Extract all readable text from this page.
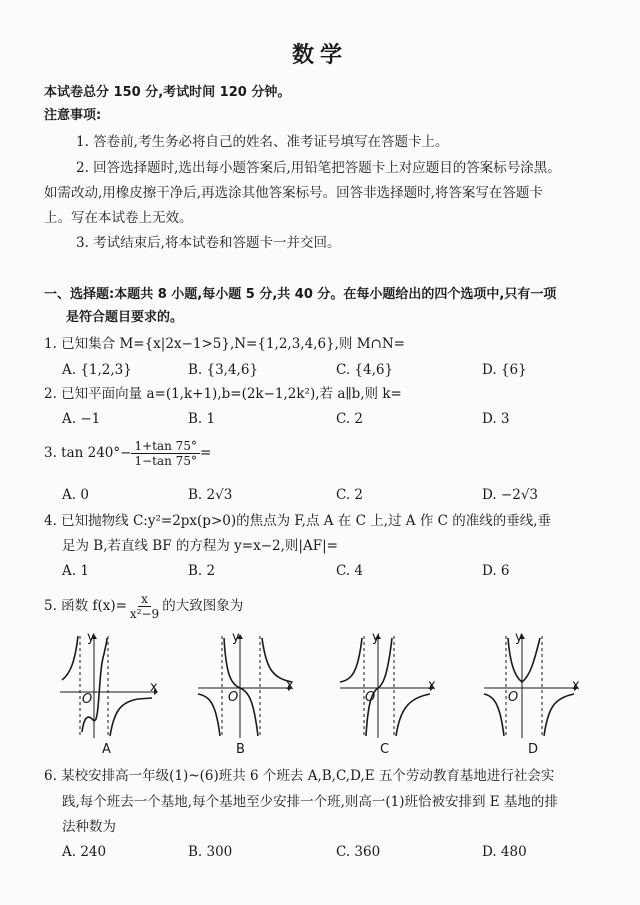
数学
本试卷总分 150 分,考试时间 120 分钟。
注意事项:
1. 答卷前,考生务必将自己的姓名、准考证号填写在答题卡上。
2. 回答选择题时,选出每小题答案后,用铅笔把答题卡上对应题目的答案标号涂黑。
如需改动,用橡皮擦干净后,再选涂其他答案标号。回答非选择题时,将答案写在答题卡
上。写在本试卷上无效。
3. 考试结束后,将本试卷和答题卡一并交回。
一、选择题:本题共 8 小题,每小题 5 分,共 40 分。在每小题给出的四个选项中,只有一项
是符合题目要求的。
1. 已知集合 M={x|2x−1>5},N={1,2,3,4,6},则 M∩N=
A. {1,2,3}	B. {3,4,6}	C. {4,6}	D. {6}
2. 已知平面向量 a=(1,k+1),b=(2k−1,2k²),若 a∥b,则 k=
A. −1	B. 1	C. 2	D. 3
3. $\tan 240^\circ- \frac{1+\tan 75^\circ}{1-\tan 75^\circ}$ =
A. 0	B. 2√3	C. 2	D. −2√3
4. 已知抛物线 C:y²=2px(p>0)的焦点为 F,点 A 在 C 上,过 A 作 C 的准线的垂线,垂
足为 B,若直线 BF 的方程为 y=x−2,则|AF|=
A. 1	B. 2	C. 4	D. 6
5. 函数 $f(x)= \frac{x}{\text{x²−9}}$ 的大致图象为
y
x
O
y
x
O
y
x
O
y
x
O
A	B	C	D
6. 某校安排高一年级(1)~(6)班共 6 个班去 A,B,C,D,E 五个劳动教育基地进行社会实
践,每个班去一个基地,每个基地至少安排一个班,则高一(1)班恰被安排到 E 基地的排
法种数为
A. 240	B. 300	C. 360	D. 480
